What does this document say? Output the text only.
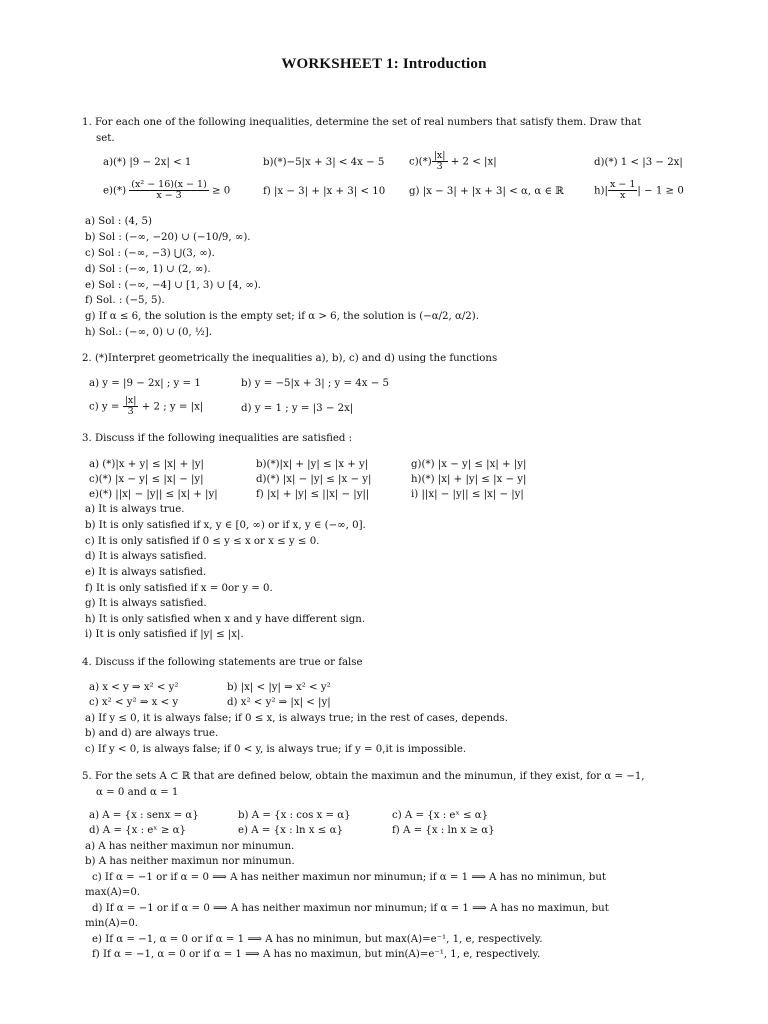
WORKSHEET 1: Introduction
1. For each one of the following inequalities, determine the set of real numbers that satisfy them. Draw that
set.
a)(*) |9 − 2x| < 1	b)(*)−5|x + 3| < 4x − 5 $c)(*) \frac{|x|}{3} + 2 < |x|$	d)(*) 1 < |3 − 2x|
$e)(*) \frac{\text{(x² − 16)(x − 1)}}{x - 3} \ge 0$	f) |x − 3| + |x + 3| < 10 g) |x − 3| + |x + 3| < α, α ∈ ℝ	$h)| \frac{x - 1}{x}$ | − 1 ≥ 0
a) Sol : (4, 5)
b) Sol : (−∞, −20) ∪ (−10/9, ∞).
c) Sol : (−∞, −3) ⋃(3, ∞).
d) Sol : (−∞, 1) ∪ (2, ∞).
e) Sol : (−∞, −4] ∪ [1, 3) ∪ [4, ∞).
f) Sol. : (−5, 5).
g) If α ≤ 6, the solution is the empty set; if α > 6, the solution is (−α/2, α/2).
h) Sol.: (−∞, 0) ∪ (0, ½].
2. (*)Interpret geometrically the inequalities a), b), c) and d) using the functions
a) y = |9 − 2x| ; y = 1	b) y = −5|x + 3| ; y = 4x − 5
c) $y = \frac{|x|}{3} + 2$ ; y = |x|	d) y = 1 ; y = |3 − 2x|
3. Discuss if the following inequalities are satisfied :
a) (*)|x + y| ≤ |x| + |y|	b)(*)|x| + |y| ≤ |x + y|	g)(*) |x − y| ≤ |x| + |y|
c)(*) |x − y| ≤ |x| − |y|	d)(*) |x| − |y| ≤ |x − y|	h)(*) |x| + |y| ≤ |x − y|
e)(*) ||x| − |y|| ≤ |x| + |y|	f) |x| + |y| ≤ ||x| − |y||	i) ||x| − |y|| ≤ |x| − |y|
a) It is always true.
b) It is only satisfied if x, y ∈ [0, ∞) or if x, y ∈ (−∞, 0].
c) It is only satisfied if 0 ≤ y ≤ x or x ≤ y ≤ 0.
d) It is always satisfied.
e) It is always satisfied.
f) It is only satisfied if x = 0or y = 0.
g) It is always satisfied.
h) It is only satisfied when x and y have different sign.
i) It is only satisfied if |y| ≤ |x|.
4. Discuss if the following statements are true or false
a) x < y ⇒ x² < y²	b) |x| < |y| ⇒ x² < y²
c) x² < y² ⇒ x < y	d) x² < y² ⇒ |x| < |y|
a) If y ≤ 0, it is always false; if 0 ≤ x, is always true; in the rest of cases, depends.
b) and d) are always true.
c) If y < 0, is always false; if 0 < y, is always true; if y = 0,it is impossible.
5. For the sets A ⊂ ℝ that are defined below, obtain the maximun and the minumun, if they exist, for α = −1,
α = 0 and α = 1
a) A = {x : senx = α}	b) A = {x : cos x = α}	c) A = {x : eˣ ≤ α}
d) A = {x : eˣ ≥ α}	e) A = {x : ln x ≤ α}	f) A = {x : ln x ≥ α}
a) A has neither maximun nor minumun.
b) A has neither maximun nor minumun.
c) If α = −1 or if α = 0 ⟹ A has neither maximun nor minumun; if α = 1 ⟹ A has no minimun, but
max(A)=0.
d) If α = −1 or if α = 0 ⟹ A has neither maximun nor minumun; if α = 1 ⟹ A has no maximun, but
min(A)=0.
e) If α = −1, α = 0 or if α = 1 ⟹ A has no minimun, but max(A)=e⁻¹, 1, e, respectively.
f) If α = −1, α = 0 or if α = 1 ⟹ A has no maximun, but min(A)=e⁻¹, 1, e, respectively.
